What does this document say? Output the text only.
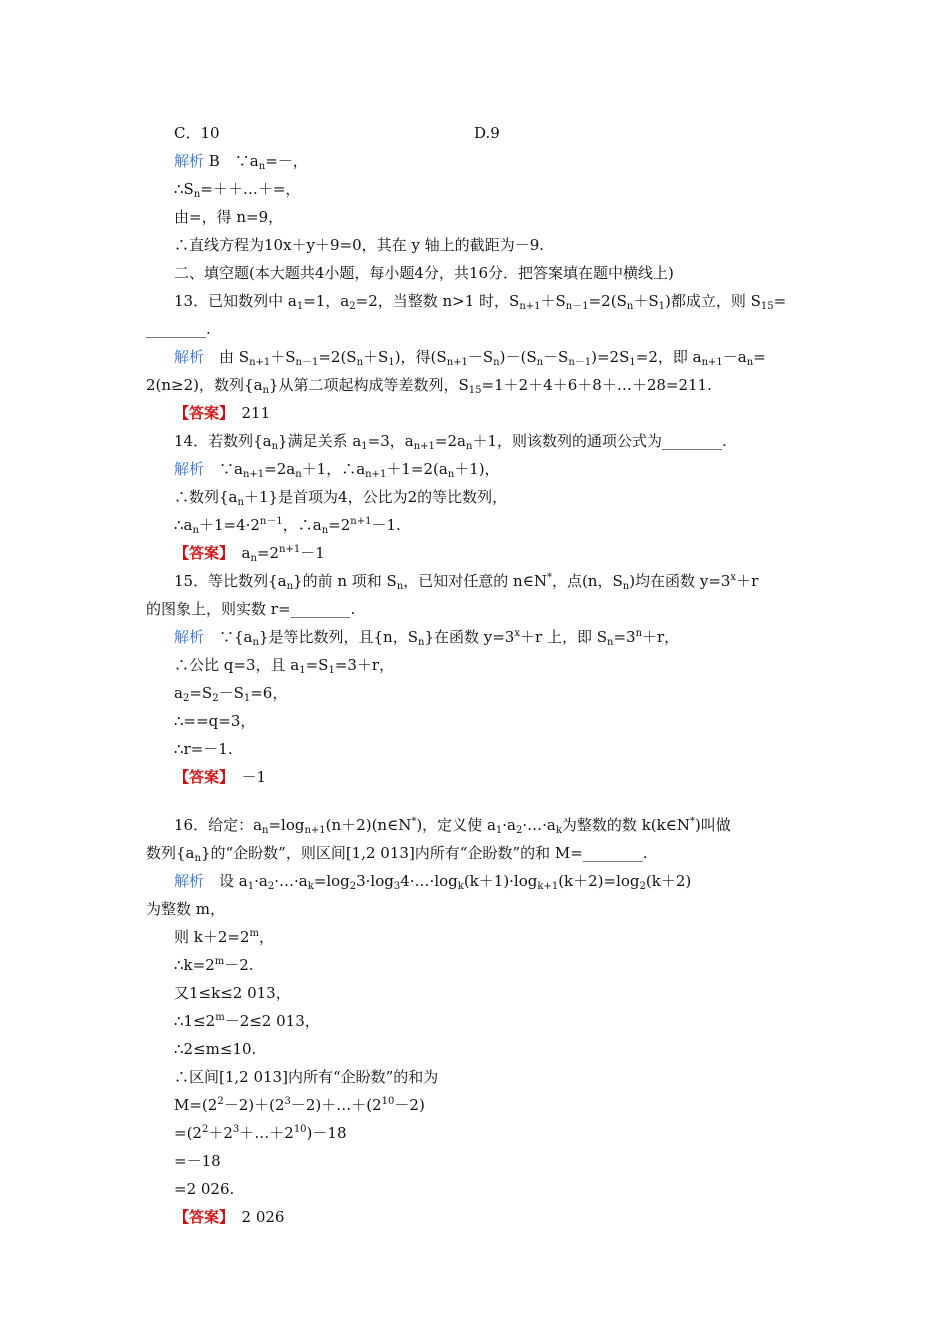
C．10	D.9
解析 B　$\because a_n=-$，
$\therefore S_n=++\dots+=$，
由=，得 n=9，
∴直线方程为10x＋y＋9=0，其在 y 轴上的截距为－9.
二、填空题(本大题共4小题，每小题4分，共16分．把答案填在题中横线上)
13．已知数列中 $a_1=1$，$a_2=2$，当整数 n>1 时，$S_{n+1}+S_{n-1}=2(S_n+S_1)$都成立，则 $S_{15}=$
________.
解析　由 $S_{n+1}+S_{n-1}=2(S_n+S_1)$，得$(S_{n+1}-S_n)-(S_n-S_{n-1})=2S_1=2$，即 $a_{n+1}-a_n=$
2(n≥2)，数列$\{a_n\}$从第二项起构成等差数列，$S_{15}=1+2+4+6+8+\dots+28=211$.
【答案】　211
14．若数列$\{a_n\}$满足关系 $a_1=3$，$a_{n+1}=2a_n+1$，则该数列的通项公式为________.
解析　$\because a_{n+1}=2a_n+1$，$\therefore a_{n+1}+1=2(a_n+1)$，
∴数列$\{a_n+1\}$是首项为4，公比为2的等比数列，
$\therefore a_n+1=4\cdot 2^{n-1}$，$\therefore a_n=2^{n+1}-1$.
【答案】　$a_n=2^{n+1}-1$
15．等比数列$\{a_n\}$的前 n 项和 $S_n$，已知对任意的 n∈N*，点(n，$S_n$)均在函数 $y=3^x+r$
的图象上，则实数 r=________.
解析　$\because\{a_n\}$是等比数列，且{n，$S_n$}在函数 $y=3^x+r$ 上，即 $S_n=3^n+r$，
∴公比 q=3，且 $a_1=S_1=3+r$，
$a_2=S_2-S_1=6$，
∴==q=3，
∴r=－1.
【答案】　－1
16．给定：$a_n=\log_{n+1}(n+2)(n\in N^*)$，定义使 $a_1\cdot a_2\cdot\dots\cdot a_k$为整数的数 k(k∈N*)叫做
数列$\{a_n\}$的“企盼数”，则区间[1,2 013]内所有“企盼数”的和 M=________.
解析　设 $a_1\cdot a_2\cdot\dots\cdot a_k=\log_23\cdot\log_34\cdot\dots\cdot\log_k(k+1)\cdot\log_{k+1}(k+2)=\log_2(k+2)$
为整数 m，
则 $k+2=2^m$，
$\therefore k=2^m-2$.
又1≤k≤2 013，
$\therefore 1\le 2^m-2\le 2$ 013，
∴2≤m≤10.
∴区间[1,2 013]内所有“企盼数”的和为
$M=(2^2-2)+(2^3-2)+\dots+(2^{10}-2)$
$=(2^2+2^3+\dots+2^{10})-18$
=－18
=2 026.
【答案】　2 026
